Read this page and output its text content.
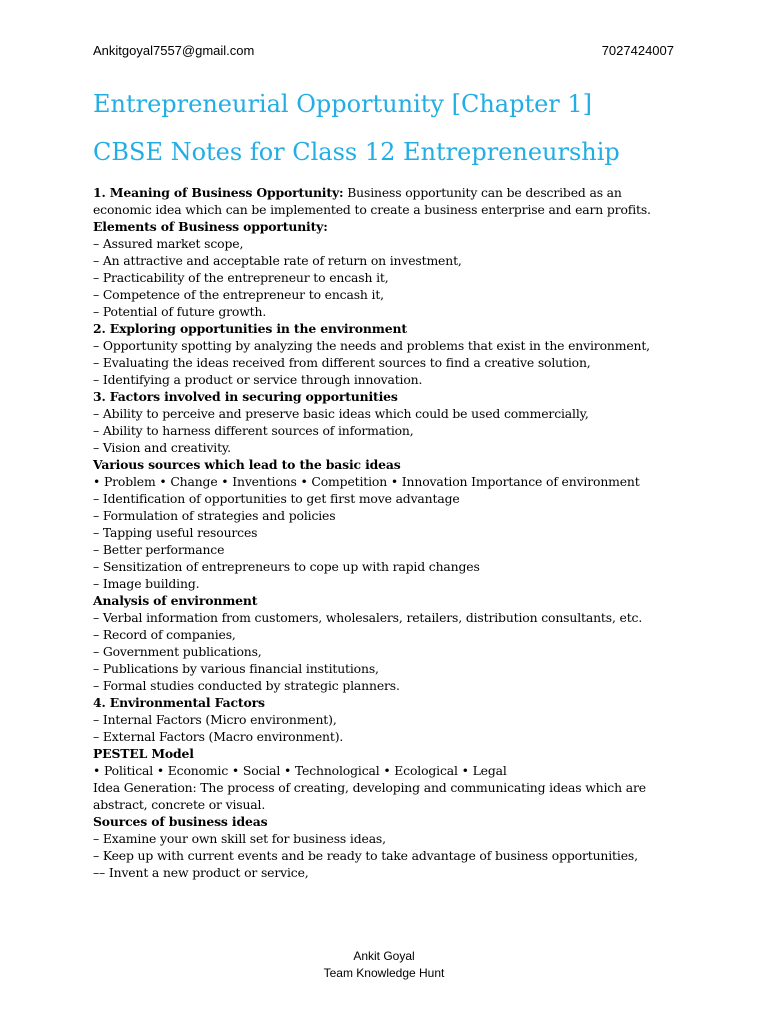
Ankitgoyal7557@gmail.com	7027424007
Entrepreneurial Opportunity [Chapter 1]
CBSE Notes for Class 12 Entrepreneurship
1. Meaning of Business Opportunity: Business opportunity can be described as an economic idea which can be implemented to create a business enterprise and earn profits.
Elements of Business opportunity:
– Assured market scope,
– An attractive and acceptable rate of return on investment,
– Practicability of the entrepreneur to encash it,
– Competence of the entrepreneur to encash it,
– Potential of future growth.
2. Exploring opportunities in the environment
– Opportunity spotting by analyzing the needs and problems that exist in the environment,
– Evaluating the ideas received from different sources to find a creative solution,
– Identifying a product or service through innovation.
3. Factors involved in securing opportunities
– Ability to perceive and preserve basic ideas which could be used commercially,
– Ability to harness different sources of information,
– Vision and creativity.
Various sources which lead to the basic ideas
• Problem • Change • Inventions • Competition • Innovation Importance of environment
– Identification of opportunities to get first move advantage
– Formulation of strategies and policies
– Tapping useful resources
– Better performance
– Sensitization of entrepreneurs to cope up with rapid changes
– Image building.
Analysis of environment
– Verbal information from customers, wholesalers, retailers, distribution consultants, etc.
– Record of companies,
– Government publications,
– Publications by various financial institutions,
– Formal studies conducted by strategic planners.
4. Environmental Factors
– Internal Factors (Micro environment),
– External Factors (Macro environment).
PESTEL Model
• Political • Economic • Social • Technological • Ecological • Legal
Idea Generation: The process of creating, developing and communicating ideas which are abstract, concrete or visual.
Sources of business ideas
– Examine your own skill set for business ideas,
– Keep up with current events and be ready to take advantage of business opportunities,
–– Invent a new product or service,
Ankit Goyal
Team Knowledge Hunt
